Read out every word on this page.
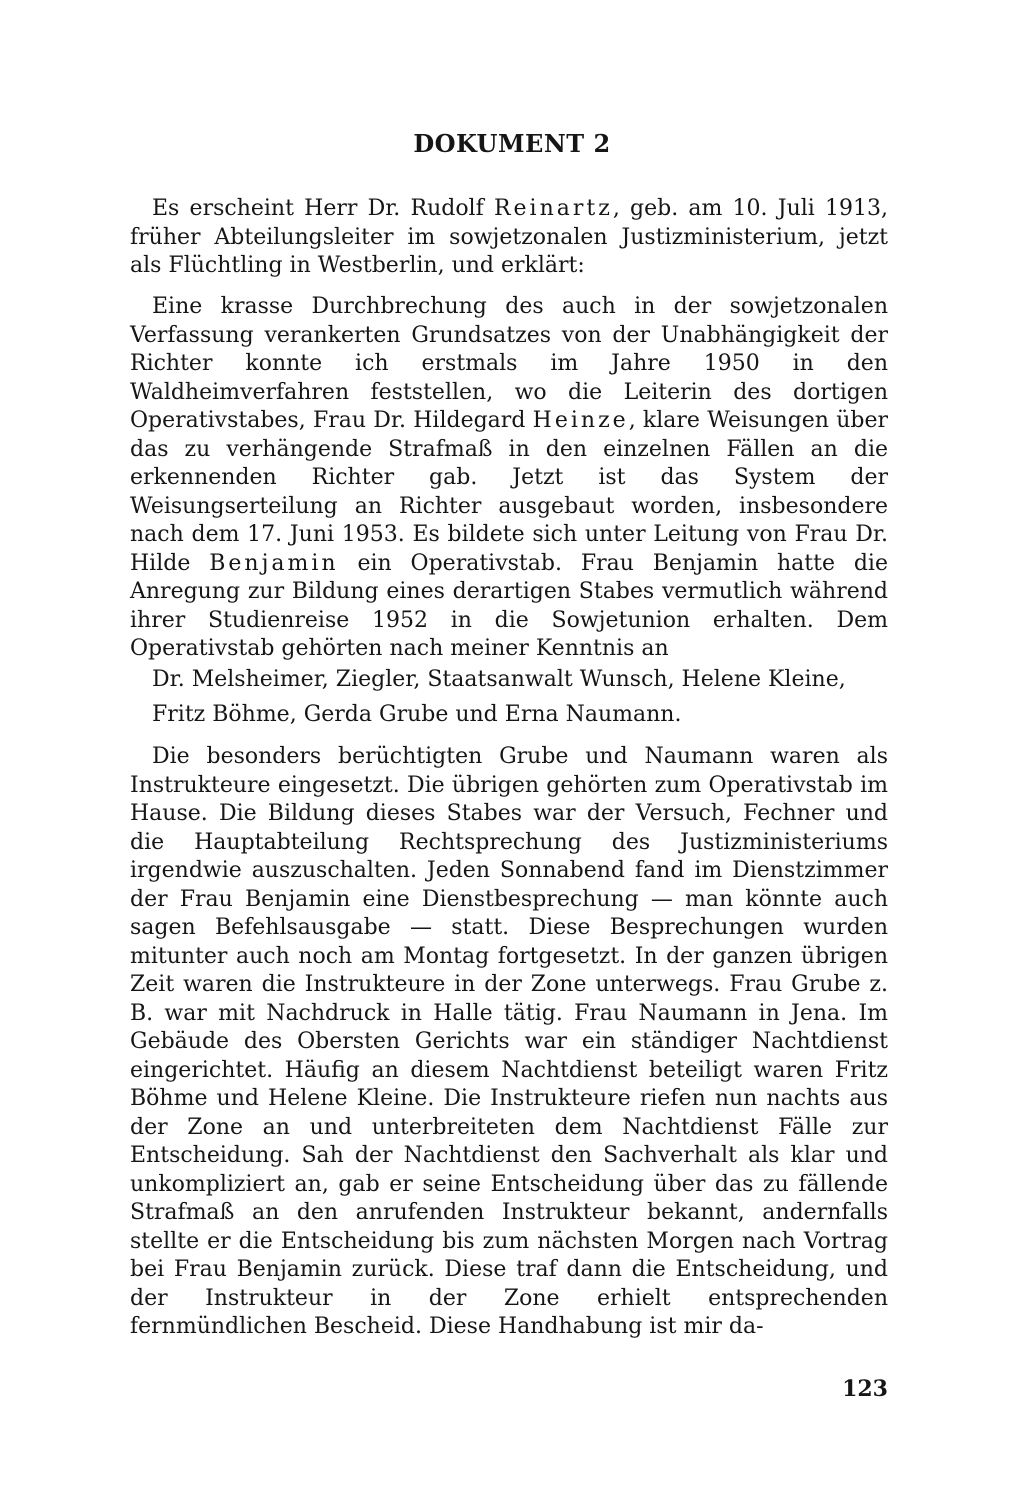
DOKUMENT 2

Es erscheint Herr Dr. Rudolf Reinartz, geb. am 10. Juli 1913, früher Abteilungsleiter im sowjetzonalen Justizministerium, jetzt als Flüchtling in Westberlin, und erklärt:

Eine krasse Durchbrechung des auch in der sowjetzonalen Verfassung verankerten Grundsatzes von der Unabhängigkeit der Richter konnte ich erstmals im Jahre 1950 in den Waldheimverfahren feststellen, wo die Leiterin des dortigen Operativstabes, Frau Dr. Hildegard Heinze, klare Weisungen über das zu verhängende Strafmaß in den einzelnen Fällen an die erkennenden Richter gab. Jetzt ist das System der Weisungserteilung an Richter ausgebaut worden, insbesondere nach dem 17. Juni 1953. Es bildete sich unter Leitung von Frau Dr. Hilde Benjamin ein Operativstab. Frau Benjamin hatte die Anregung zur Bildung eines derartigen Stabes vermutlich während ihrer Studienreise 1952 in die Sowjetunion erhalten. Dem Operativstab gehörten nach meiner Kenntnis an

Dr. Melsheimer, Ziegler, Staatsanwalt Wunsch, Helene Kleine,

Fritz Böhme, Gerda Grube und Erna Naumann.

Die besonders berüchtigten Grube und Naumann waren als Instrukteure eingesetzt. Die übrigen gehörten zum Operativstab im Hause. Die Bildung dieses Stabes war der Versuch, Fechner und die Hauptabteilung Rechtsprechung des Justizministeriums irgendwie auszuschalten. Jeden Sonnabend fand im Dienstzimmer der Frau Benjamin eine Dienstbesprechung — man könnte auch sagen Befehlsausgabe — statt. Diese Besprechungen wurden mitunter auch noch am Montag fortgesetzt. In der ganzen übrigen Zeit waren die Instrukteure in der Zone unterwegs. Frau Grube z. B. war mit Nachdruck in Halle tätig. Frau Naumann in Jena. Im Gebäude des Obersten Gerichts war ein ständiger Nachtdienst eingerichtet. Häufig an diesem Nachtdienst beteiligt waren Fritz Böhme und Helene Kleine. Die Instrukteure riefen nun nachts aus der Zone an und unterbreiteten dem Nachtdienst Fälle zur Entscheidung. Sah der Nachtdienst den Sachverhalt als klar und unkompliziert an, gab er seine Entscheidung über das zu fällende Strafmaß an den anrufenden Instrukteur bekannt, andernfalls stellte er die Entscheidung bis zum nächsten Morgen nach Vortrag bei Frau Benjamin zurück. Diese traf dann die Entscheidung, und der Instrukteur in der Zone erhielt entsprechenden fernmündlichen Bescheid. Diese Handhabung ist mir da-

123
